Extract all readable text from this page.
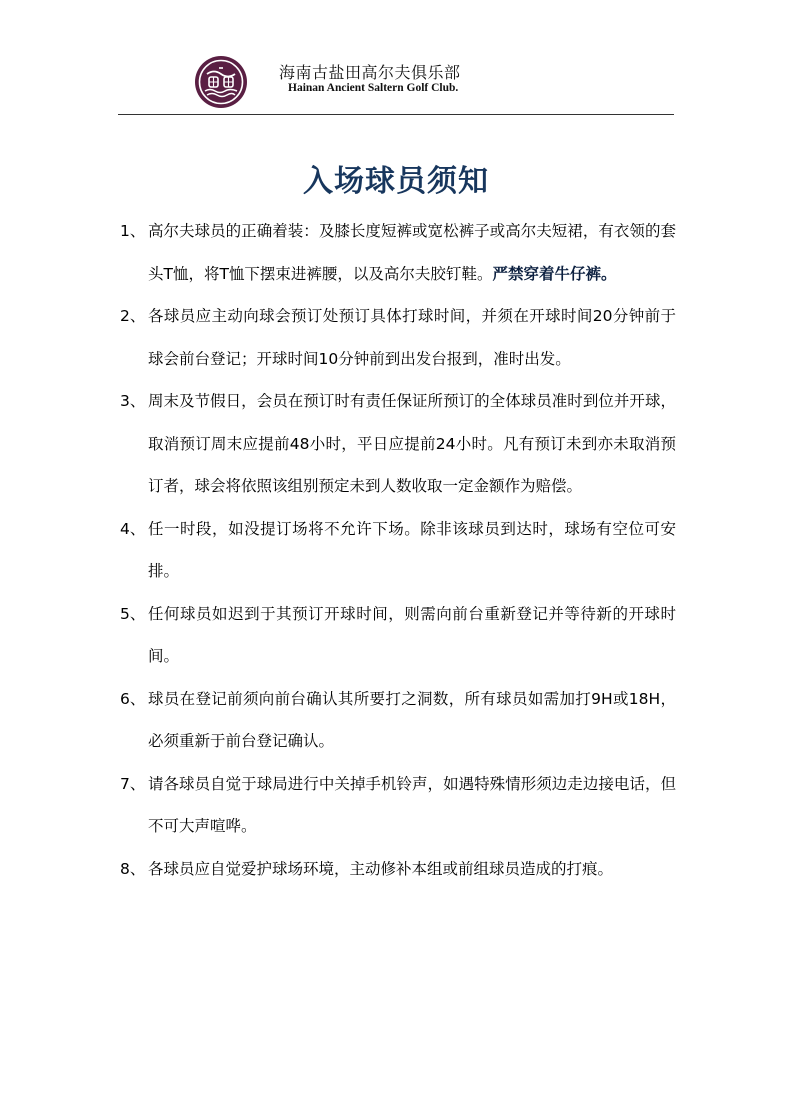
海南古盐田高尔夫俱乐部
Hainan Ancient Saltern Golf Club.
入场球员须知
1、 高尔夫球员的正确着装：及膝长度短裤或宽松裤子或高尔夫短裙，有衣领的套头T恤，将T恤下摆束进裤腰，以及高尔夫胶钉鞋。严禁穿着牛仔裤。
2、 各球员应主动向球会预订处预订具体打球时间，并须在开球时间20分钟前于球会前台登记；开球时间10分钟前到出发台报到，准时出发。
3、 周末及节假日，会员在预订时有责任保证所预订的全体球员准时到位并开球，取消预订周末应提前48小时，平日应提前24小时。凡有预订未到亦未取消预订者，球会将依照该组别预定未到人数收取一定金额作为赔偿。
4、 任一时段，如没提订场将不允许下场。除非该球员到达时，球场有空位可安排。
5、 任何球员如迟到于其预订开球时间，则需向前台重新登记并等待新的开球时间。
6、 球员在登记前须向前台确认其所要打之洞数，所有球员如需加打9H或18H，必须重新于前台登记确认。
7、 请各球员自觉于球局进行中关掉手机铃声，如遇特殊情形须边走边接电话，但不可大声喧哗。
8、 各球员应自觉爱护球场环境，主动修补本组或前组球员造成的打痕。
